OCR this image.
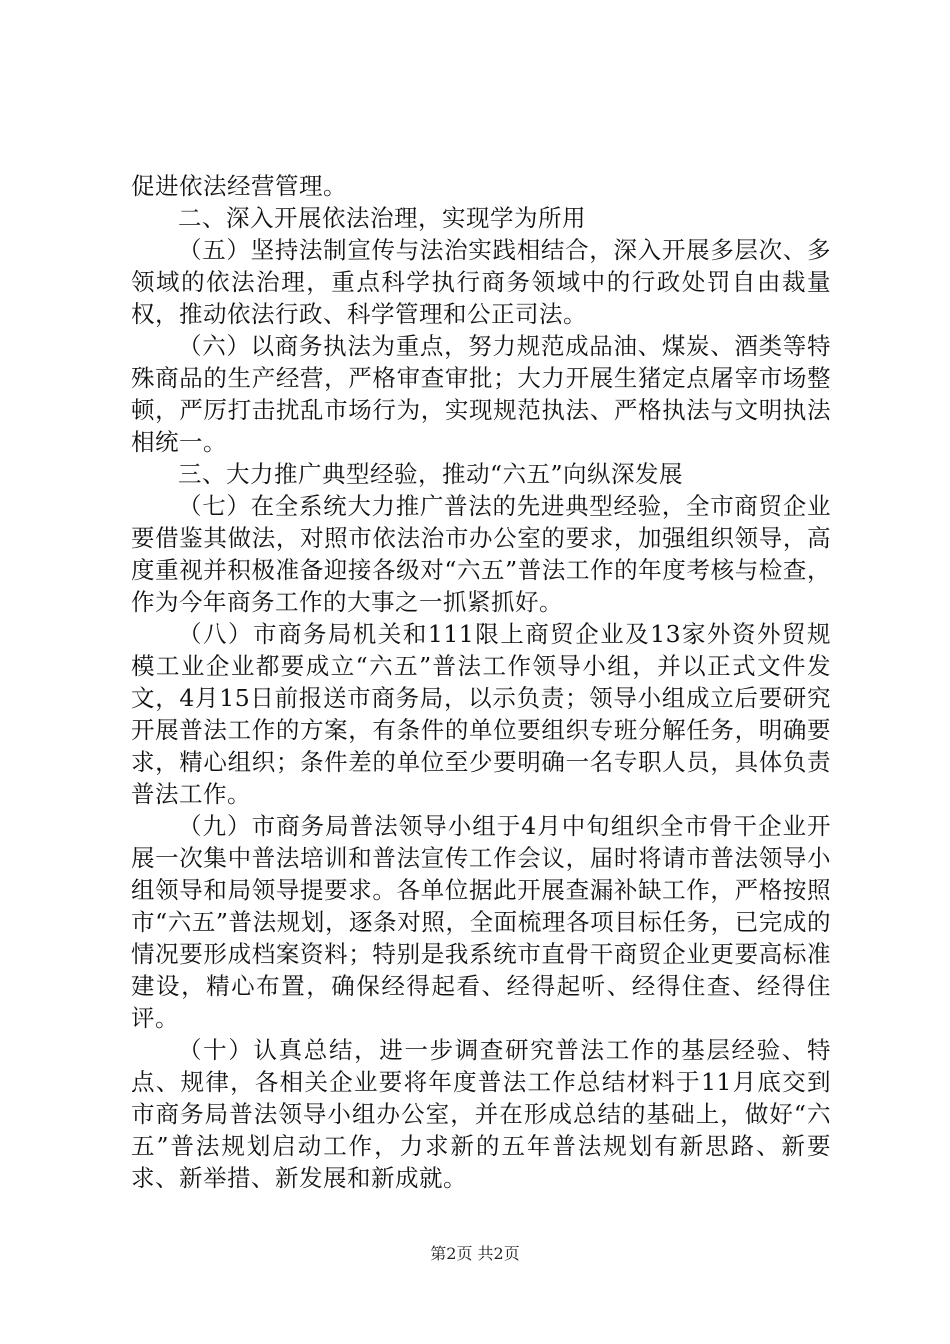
促进依法经营管理。

二、深入开展依法治理，实现学为所用

（五）坚持法制宣传与法治实践相结合，深入开展多层次、多领域的依法治理，重点科学执行商务领域中的行政处罚自由裁量权，推动依法行政、科学管理和公正司法。

（六）以商务执法为重点，努力规范成品油、煤炭、酒类等特殊商品的生产经营，严格审查审批；大力开展生猪定点屠宰市场整顿，严厉打击扰乱市场行为，实现规范执法、严格执法与文明执法相统一。

三、大力推广典型经验，推动“六五”向纵深发展

（七）在全系统大力推广普法的先进典型经验，全市商贸企业要借鉴其做法，对照市依法治市办公室的要求，加强组织领导，高度重视并积极准备迎接各级对“六五”普法工作的年度考核与检查，作为今年商务工作的大事之一抓紧抓好。

（八）市商务局机关和111限上商贸企业及13家外资外贸规模工业企业都要成立“六五”普法工作领导小组，并以正式文件发文，4月15日前报送市商务局，以示负责；领导小组成立后要研究开展普法工作的方案，有条件的单位要组织专班分解任务，明确要求，精心组织；条件差的单位至少要明确一名专职人员，具体负责普法工作。

（九）市商务局普法领导小组于4月中旬组织全市骨干企业开展一次集中普法培训和普法宣传工作会议，届时将请市普法领导小组领导和局领导提要求。各单位据此开展查漏补缺工作，严格按照市“六五”普法规划，逐条对照，全面梳理各项目标任务，已完成的情况要形成档案资料；特别是我系统市直骨干商贸企业更要高标准建设，精心布置，确保经得起看、经得起听、经得住查、经得住评。

（十）认真总结，进一步调查研究普法工作的基层经验、特点、规律，各相关企业要将年度普法工作总结材料于11月底交到市商务局普法领导小组办公室，并在形成总结的基础上，做好“六五”普法规划启动工作，力求新的五年普法规划有新思路、新要求、新举措、新发展和新成就。

第2页 共2页
